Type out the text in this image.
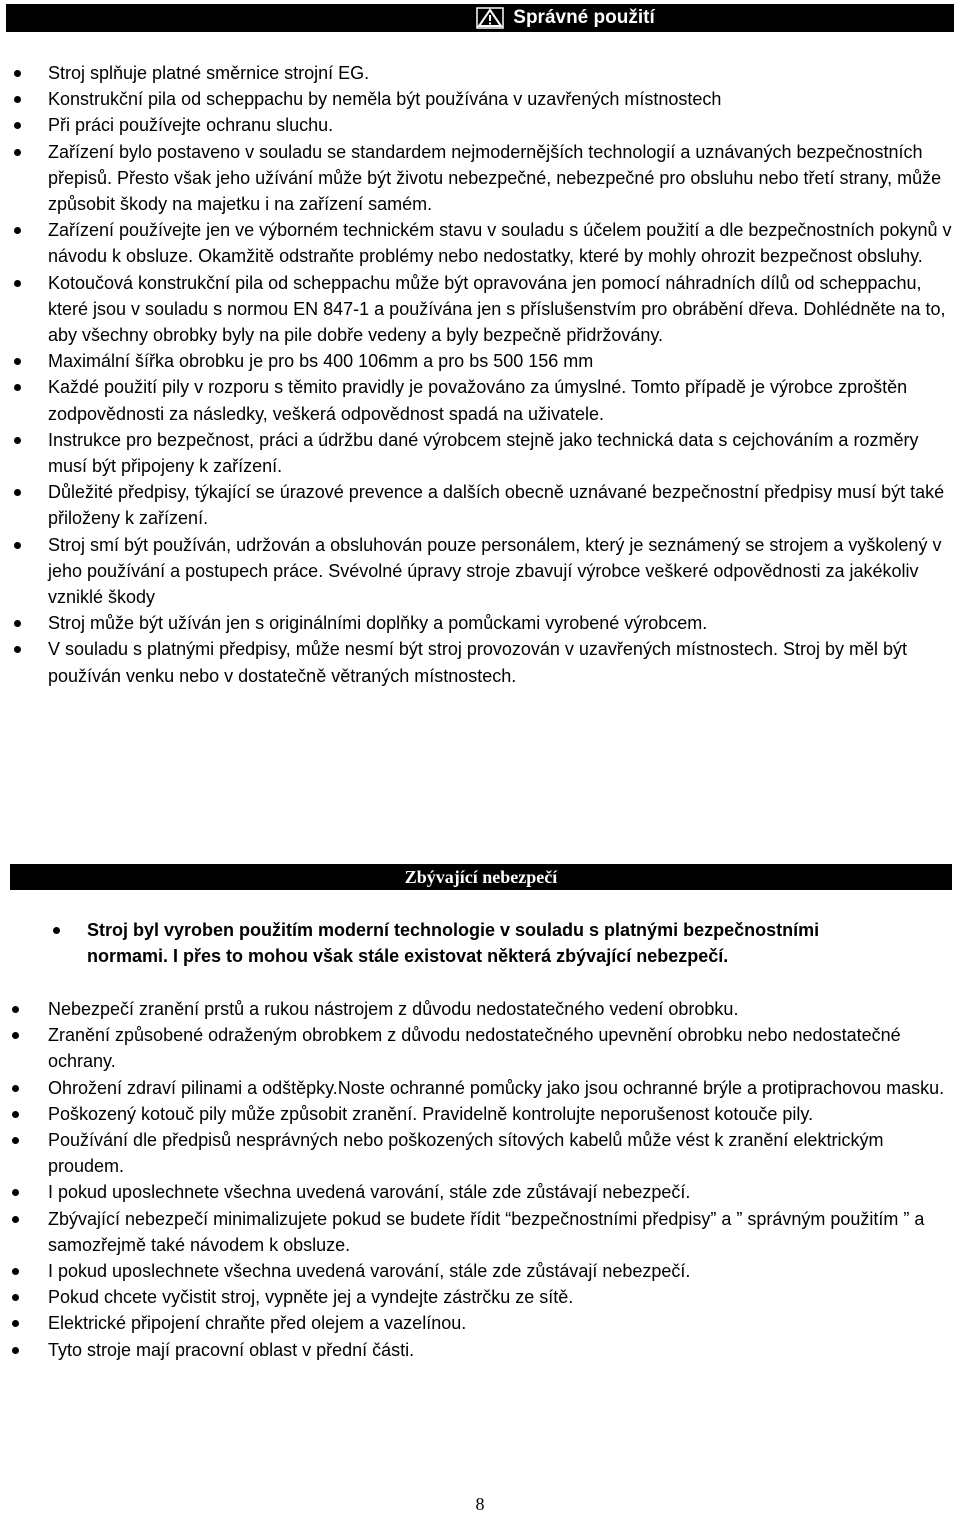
Správné použití
Stroj splňuje platné směrnice strojní EG.
Konstrukční pila od scheppachu by neměla být používána v uzavřených místnostech
Při práci používejte ochranu sluchu.
Zařízení bylo postaveno v souladu se standardem nejmodernějších technologií a uznávaných bezpečnostních přepisů. Přesto však jeho užívání může být životu nebezpečné, nebezpečné pro obsluhu nebo třetí strany, může způsobit škody na majetku i na zařízení samém.
Zařízení používejte jen ve výborném technickém stavu v souladu s účelem použití a dle bezpečnostních pokynů v návodu k obsluze. Okamžitě odstraňte problémy nebo nedostatky, které by mohly ohrozit bezpečnost obsluhy.
Kotoučová konstrukční pila od scheppachu může být opravována jen pomocí náhradních dílů od scheppachu, které jsou v souladu s normou EN 847-1 a používána jen s příslušenstvím pro obrábění dřeva. Dohlédněte na to, aby všechny obrobky byly na pile dobře vedeny a byly bezpečně přidržovány.
Maximální šířka obrobku je pro bs 400 106mm a pro bs 500 156 mm
Každé použití pily v rozporu s těmito pravidly je považováno za úmyslné. Tomto případě je výrobce zproštěn zodpovědnosti za následky, veškerá odpovědnost spadá na uživatele.
Instrukce pro bezpečnost, práci a údržbu dané výrobcem stejně jako technická data s cejchováním a rozměry musí být připojeny k zařízení.
Důležité předpisy, týkající se úrazové prevence a dalších obecně uznávané bezpečnostní předpisy musí být také přiloženy k zařízení.
Stroj smí být používán, udržován a obsluhován pouze personálem, který je seznámený se strojem a vyškolený v jeho používání a postupech práce. Svévolné úpravy stroje zbavují výrobce veškeré odpovědnosti za jakékoliv vzniklé škody
Stroj může být užíván jen s originálními doplňky a pomůckami vyrobené výrobcem.
V souladu s platnými předpisy, může nesmí být stroj provozován v uzavřených místnostech. Stroj by měl být používán venku nebo v dostatečně větraných místnostech.
Zbývající nebezpečí
Stroj byl vyroben použitím moderní technologie v souladu s platnými bezpečnostními normami. I přes to mohou však stále existovat některá zbývající nebezpečí.
Nebezpečí zranění prstů a rukou nástrojem z důvodu nedostatečného vedení obrobku.
Zranění způsobené odraženým obrobkem z důvodu nedostatečného upevnění obrobku nebo nedostatečné ochrany.
Ohrožení zdraví pilinami a odštěpky.Noste ochranné pomůcky jako jsou ochranné brýle a protiprachovou masku.
Poškozený kotouč pily může způsobit zranění. Pravidelně kontrolujte neporušenost kotouče pily.
Používání dle předpisů nesprávných nebo poškozených sítových kabelů může vést k zranění elektrickým proudem.
I pokud uposlechnete všechna uvedená varování, stále zde zůstávají nebezpečí.
Zbývající nebezpečí minimalizujete pokud se budete řídit “bezpečnostními předpisy” a ” správným použitím ” a samozřejmě také návodem k obsluze.
I pokud uposlechnete všechna uvedená varování, stále zde zůstávají nebezpečí.
Pokud chcete vyčistit stroj, vypněte jej a vyndejte zástrčku ze sítě.
Elektrické připojení chraňte před olejem a vazelínou.
Tyto stroje mají pracovní oblast v přední části.
8
